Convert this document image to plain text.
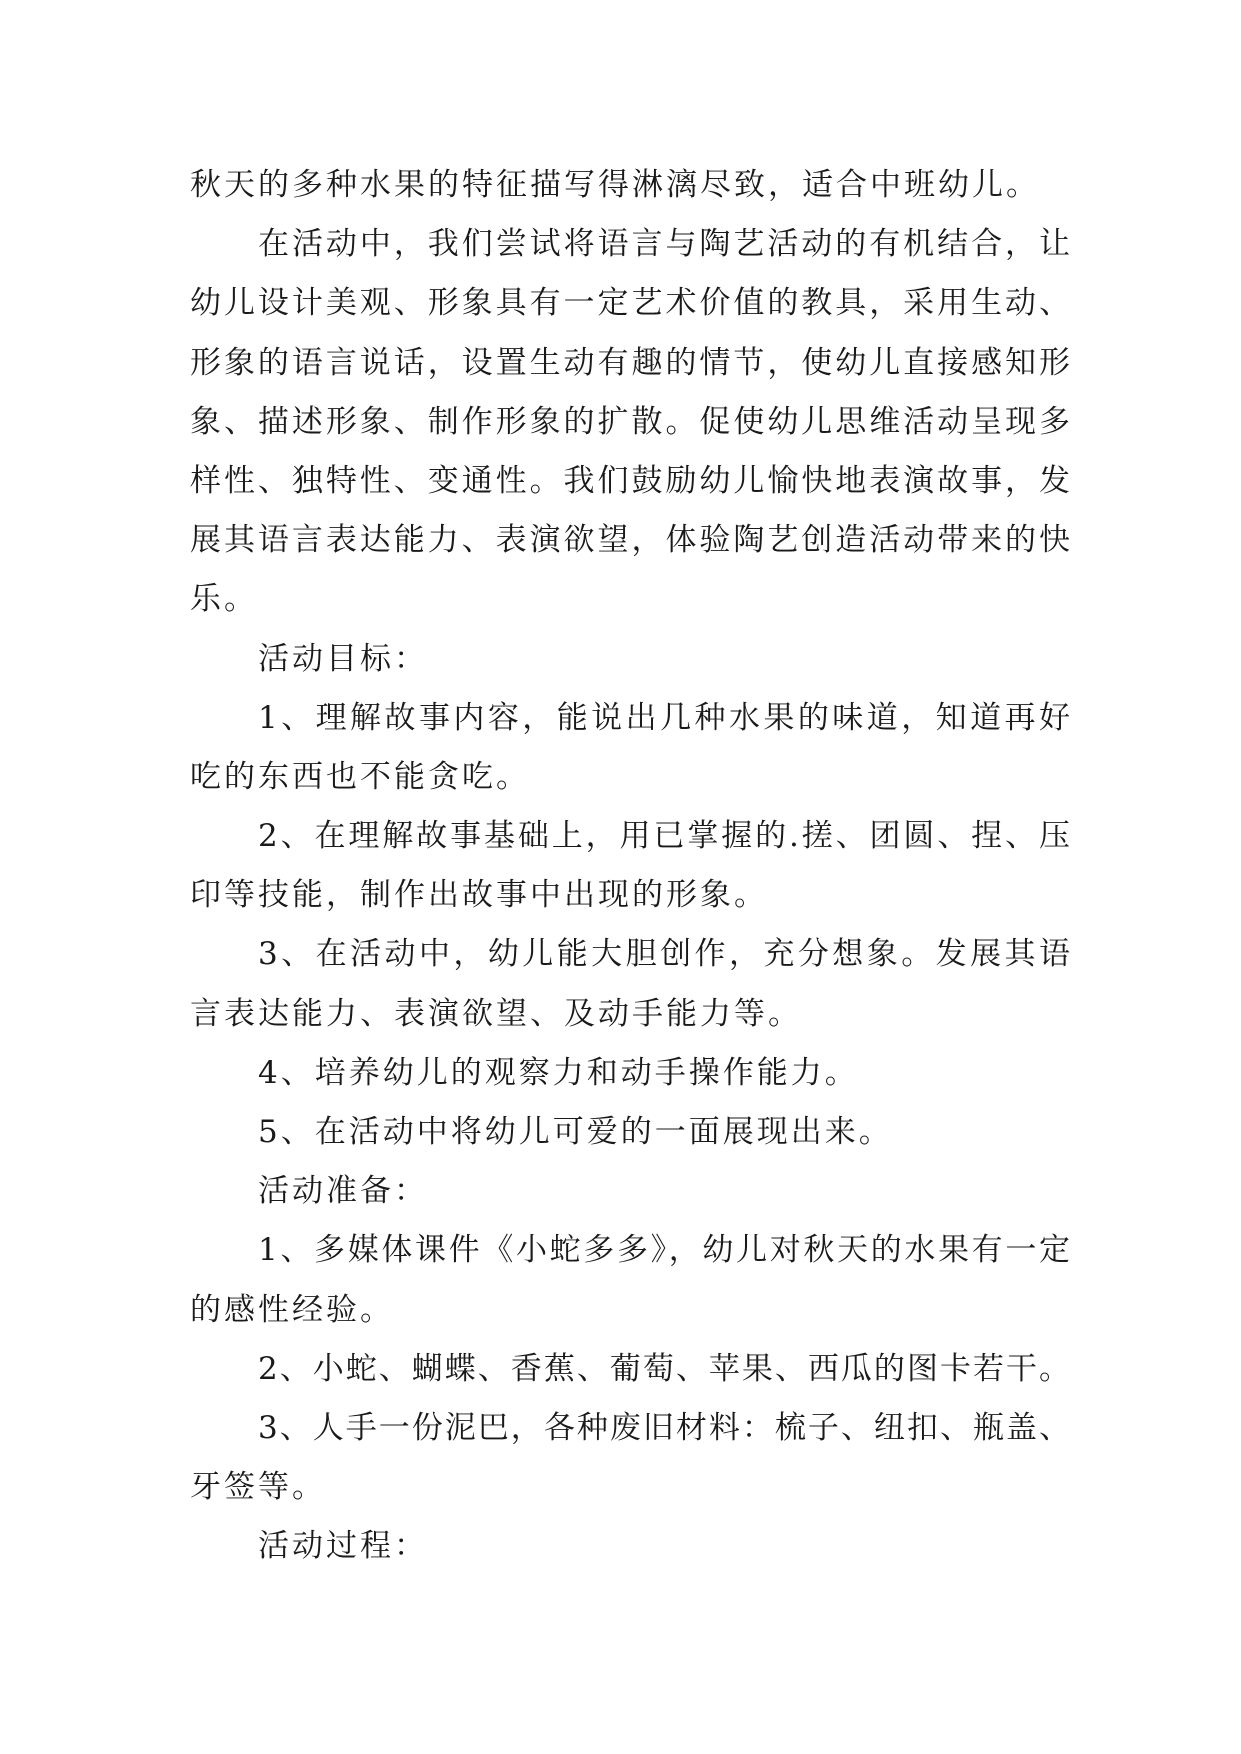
秋天的多种水果的特征描写得淋漓尽致，适合中班幼儿。
在活动中，我们尝试将语言与陶艺活动的有机结合，让
幼儿设计美观、形象具有一定艺术价值的教具，采用生动、
形象的语言说话，设置生动有趣的情节，使幼儿直接感知形
象、描述形象、制作形象的扩散。促使幼儿思维活动呈现多
样性、独特性、变通性。我们鼓励幼儿愉快地表演故事，发
展其语言表达能力、表演欲望，体验陶艺创造活动带来的快
乐。
活动目标：
1、理解故事内容，能说出几种水果的味道，知道再好
吃的东西也不能贪吃。
2、在理解故事基础上，用已掌握的.搓、团圆、捏、压
印等技能，制作出故事中出现的形象。
3、在活动中，幼儿能大胆创作，充分想象。发展其语
言表达能力、表演欲望、及动手能力等。
4、培养幼儿的观察力和动手操作能力。
5、在活动中将幼儿可爱的一面展现出来。
活动准备：
1、多媒体课件《小蛇多多》，幼儿对秋天的水果有一定
的感性经验。
2、小蛇、蝴蝶、香蕉、葡萄、苹果、西瓜的图卡若干。
3、人手一份泥巴，各种废旧材料：梳子、纽扣、瓶盖、
牙签等。
活动过程：
